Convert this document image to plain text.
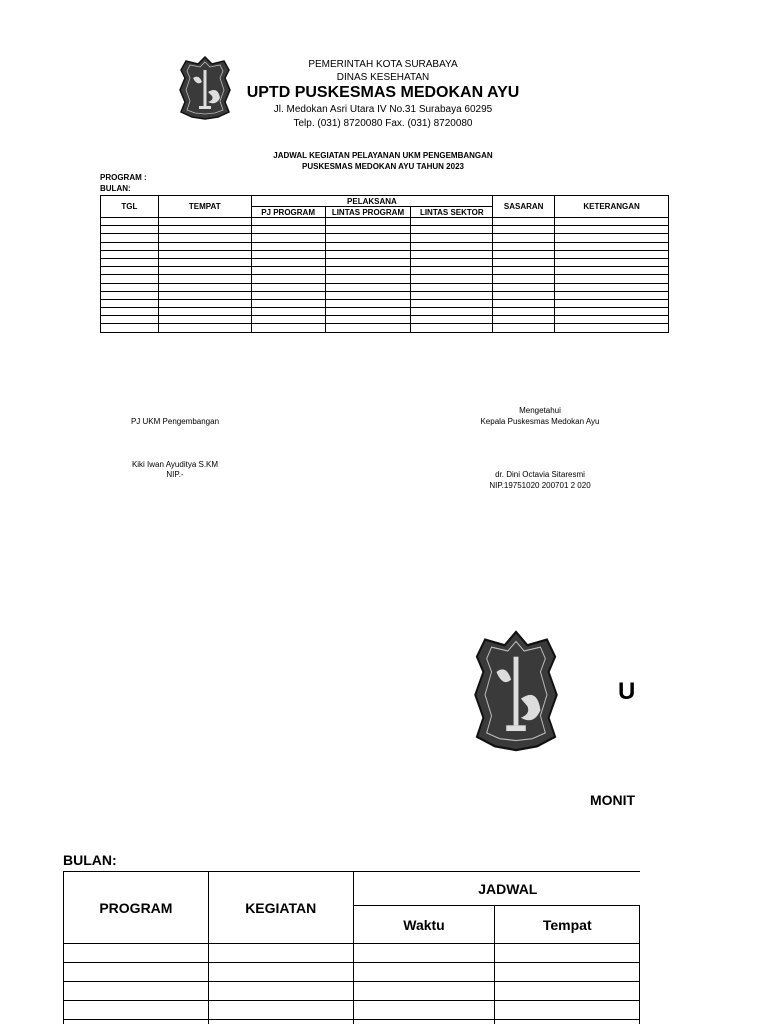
PEMERINTAH KOTA SURABAYA
DINAS KESEHATAN
UPTD PUSKESMAS MEDOKAN AYU
Jl. Medokan Asri Utara IV No.31 Surabaya 60295
Telp. (031) 8720080 Fax. (031) 8720080
JADWAL KEGIATAN PELAYANAN UKM PENGEMBANGAN
PUSKESMAS MEDOKAN AYU TAHUN 2023
PROGRAM :
BULAN:
TGL	TEMPAT	PELAKSANA			SASARAN	KETERANGAN
		PJ PROGRAM	LINTAS PROGRAM	LINTAS SEKTOR		

PJ UKM Pengembangan
Kiki Iwan Ayuditya S.KM
NIP.-
Mengetahui
Kepala Puskesmas Medokan Ayu
dr. Dini Octavia Sitaresmi
NIP.19751020 200701 2 020
U
MONIT
BULAN:
PROGRAM	KEGIATAN	JADWAL		
		Waktu	Tempat	
